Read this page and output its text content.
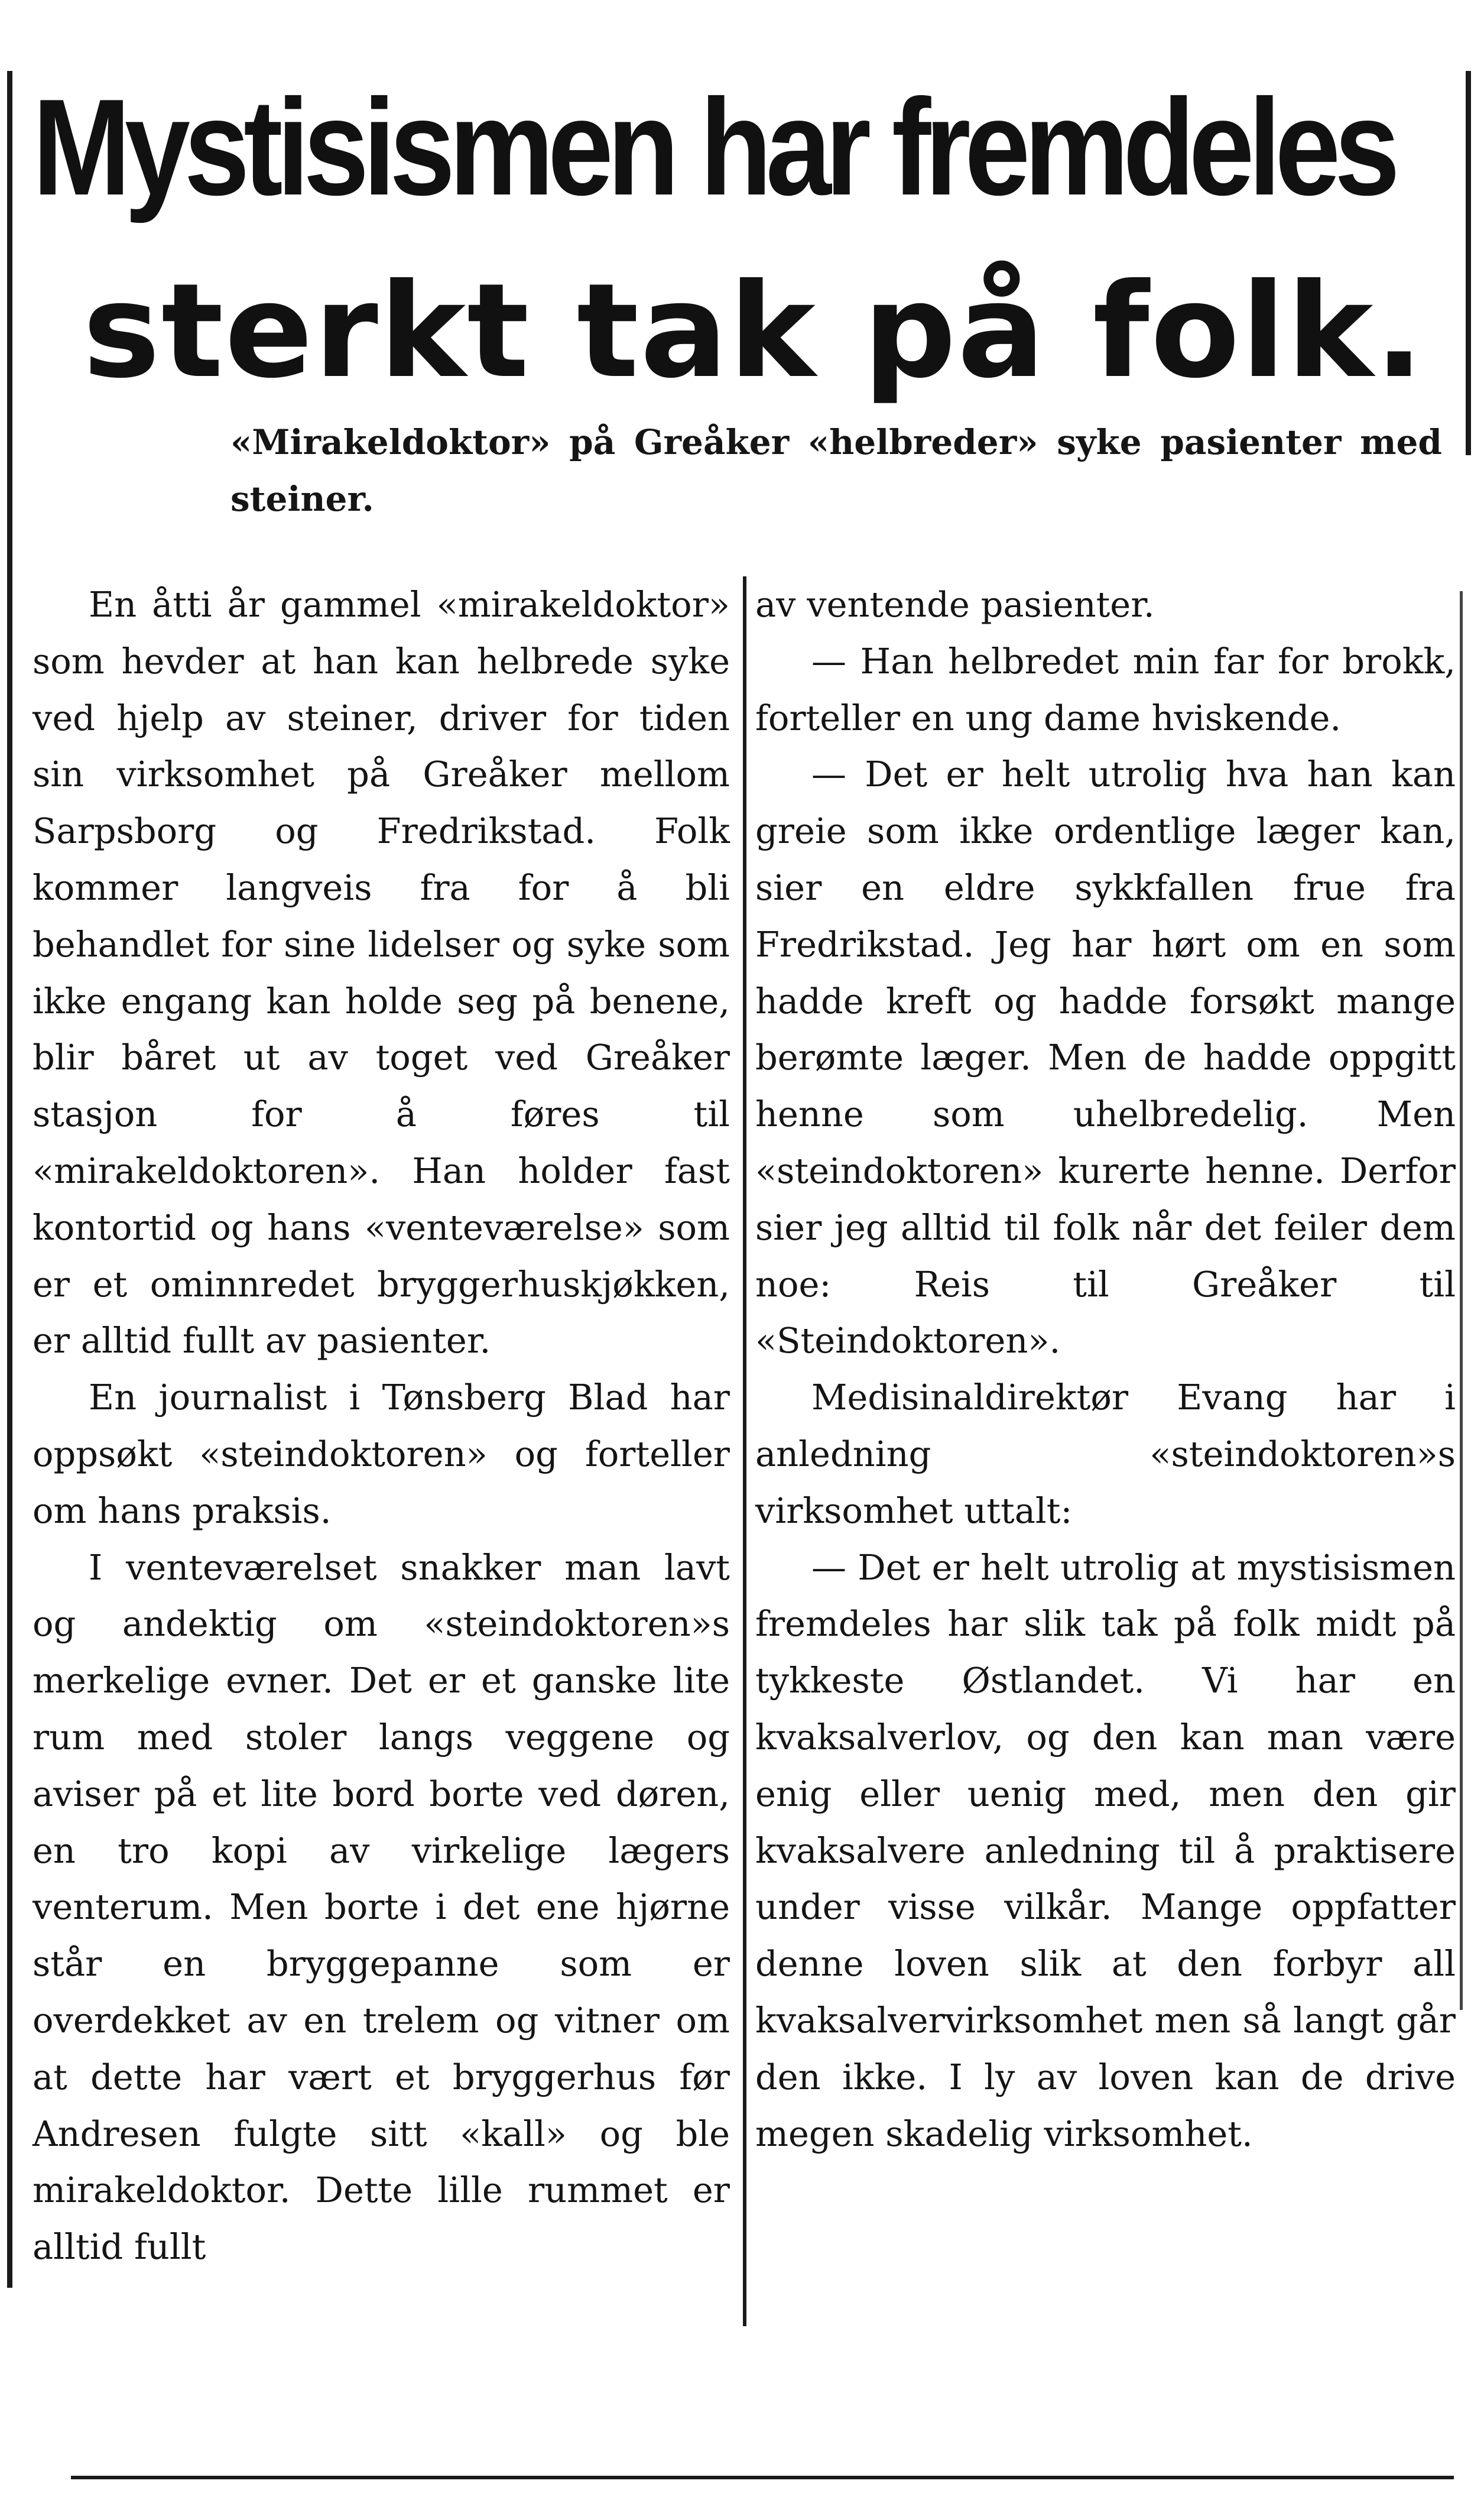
Mystisismen har fremdeles
sterkt tak på folk.

«Mirakeldoktor» på Greåker «helbreder» syke pasienter med steiner.

En åtti år gammel «mirakeldoktor» som hevder at han kan helbrede syke ved hjelp av steiner, driver for tiden sin virksomhet på Greåker mellom Sarpsborg og Fredrikstad. Folk kommer langveis fra for å bli behandlet for sine lidelser og syke som ikke engang kan holde seg på benene, blir båret ut av toget ved Greåker stasjon for å føres til «mirakeldoktoren». Han holder fast kontortid og hans «venteværelse» som er et ominnredet bryggerhuskjøkken, er alltid fullt av pasienter.

En journalist i Tønsberg Blad har oppsøkt «steindoktoren» og forteller om hans praksis.

I venteværelset snakker man lavt og andektig om «steindoktoren»s merkelige evner. Det er et ganske lite rum med stoler langs veggene og aviser på et lite bord borte ved døren, en tro kopi av virkelige lægers venterum. Men borte i det ene hjørne står en bryggepanne som er overdekket av en trelem og vitner om at dette har vært et bryggerhus før Andresen fulgte sitt «kall» og ble mirakeldoktor. Dette lille rummet er alltid fullt

av ventende pasienter.

— Han helbredet min far for brokk, forteller en ung dame hviskende.

— Det er helt utrolig hva han kan greie som ikke ordentlige læger kan, sier en eldre sykkfallen frue fra Fredrikstad. Jeg har hørt om en som hadde kreft og hadde forsøkt mange berømte læger. Men de hadde oppgitt henne som uhelbredelig. Men «steindoktoren» kurerte henne. Derfor sier jeg alltid til folk når det feiler dem noe: Reis til Greåker til «Steindoktoren».

Medisinaldirektør Evang har i anledning «steindoktoren»s virksomhet uttalt:

— Det er helt utrolig at mystisismen fremdeles har slik tak på folk midt på tykkeste Østlandet. Vi har en kvaksalverlov, og den kan man være enig eller uenig med, men den gir kvaksalvere anledning til å praktisere under visse vilkår. Mange oppfatter denne loven slik at den forbyr all kvaksalvervirksomhet men så langt går den ikke. I ly av loven kan de drive megen skadelig virksomhet.
